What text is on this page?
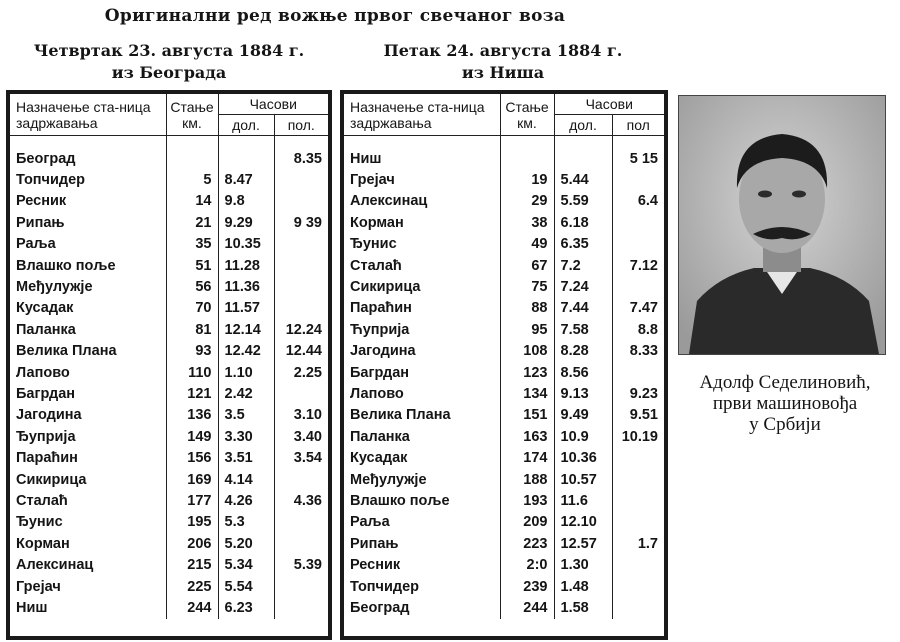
Оригинални ред вожње првог свечаног воза
Четвртак 23. августа 1884 г.
из Београда
Петак 24. августа 1884 г.
из Ниша
Назначење ста-ница задржавања	Стање км.	Часови	
		дол.	пол.

Београд			8.35
Топчидер	5	8.47	
Ресник	14	9.8	
Рипањ	21	9.29	9 39
Раља	35	10.35	
Влашко поље	51	11.28	
Међулужје	56	11.36	
Кусадак	70	11.57	
Паланка	81	12.14	12.24
Велика Плана	93	12.42	12.44
Лапово	110	1.10	2.25
Багрдан	121	2.42	
Јагодина	136	3.5	3.10
Ђуприја	149	3.30	3.40
Параћин	156	3.51	3.54
Сикирица	169	4.14	
Сталаћ	177	4.26	4.36
Ђунис	195	5.3	
Корман	206	5.20	
Алексинац	215	5.34	5.39
Грејач	225	5.54	
Ниш	244	6.23	
Назначење ста-ница задржавања	Стање км.	Часови	
		дол.	пол

Ниш			5 15
Грејач	19	5.44	
Алексинац	29	5.59	6.4
Корман	38	6.18	
Ђунис	49	6.35	
Сталаћ	67	7.2	7.12
Сикирица	75	7.24	
Параћин	88	7.44	7.47
Ћуприја	95	7.58	8.8
Јагодина	108	8.28	8.33
Багрдан	123	8.56	
Лапово	134	9.13	9.23
Велика Плана	151	9.49	9.51
Паланка	163	10.9	10.19
Кусадак	174	10.36	
Међулужје	188	10.57	
Влашко поље	193	11.6	
Раља	209	12.10	
Рипањ	223	12.57	1.7
Ресник	2:0	1.30	
Топчидер	239	1.48	
Београд	244	1.58	
Адолф Седелиновић,
први машиновођа
у Србији
